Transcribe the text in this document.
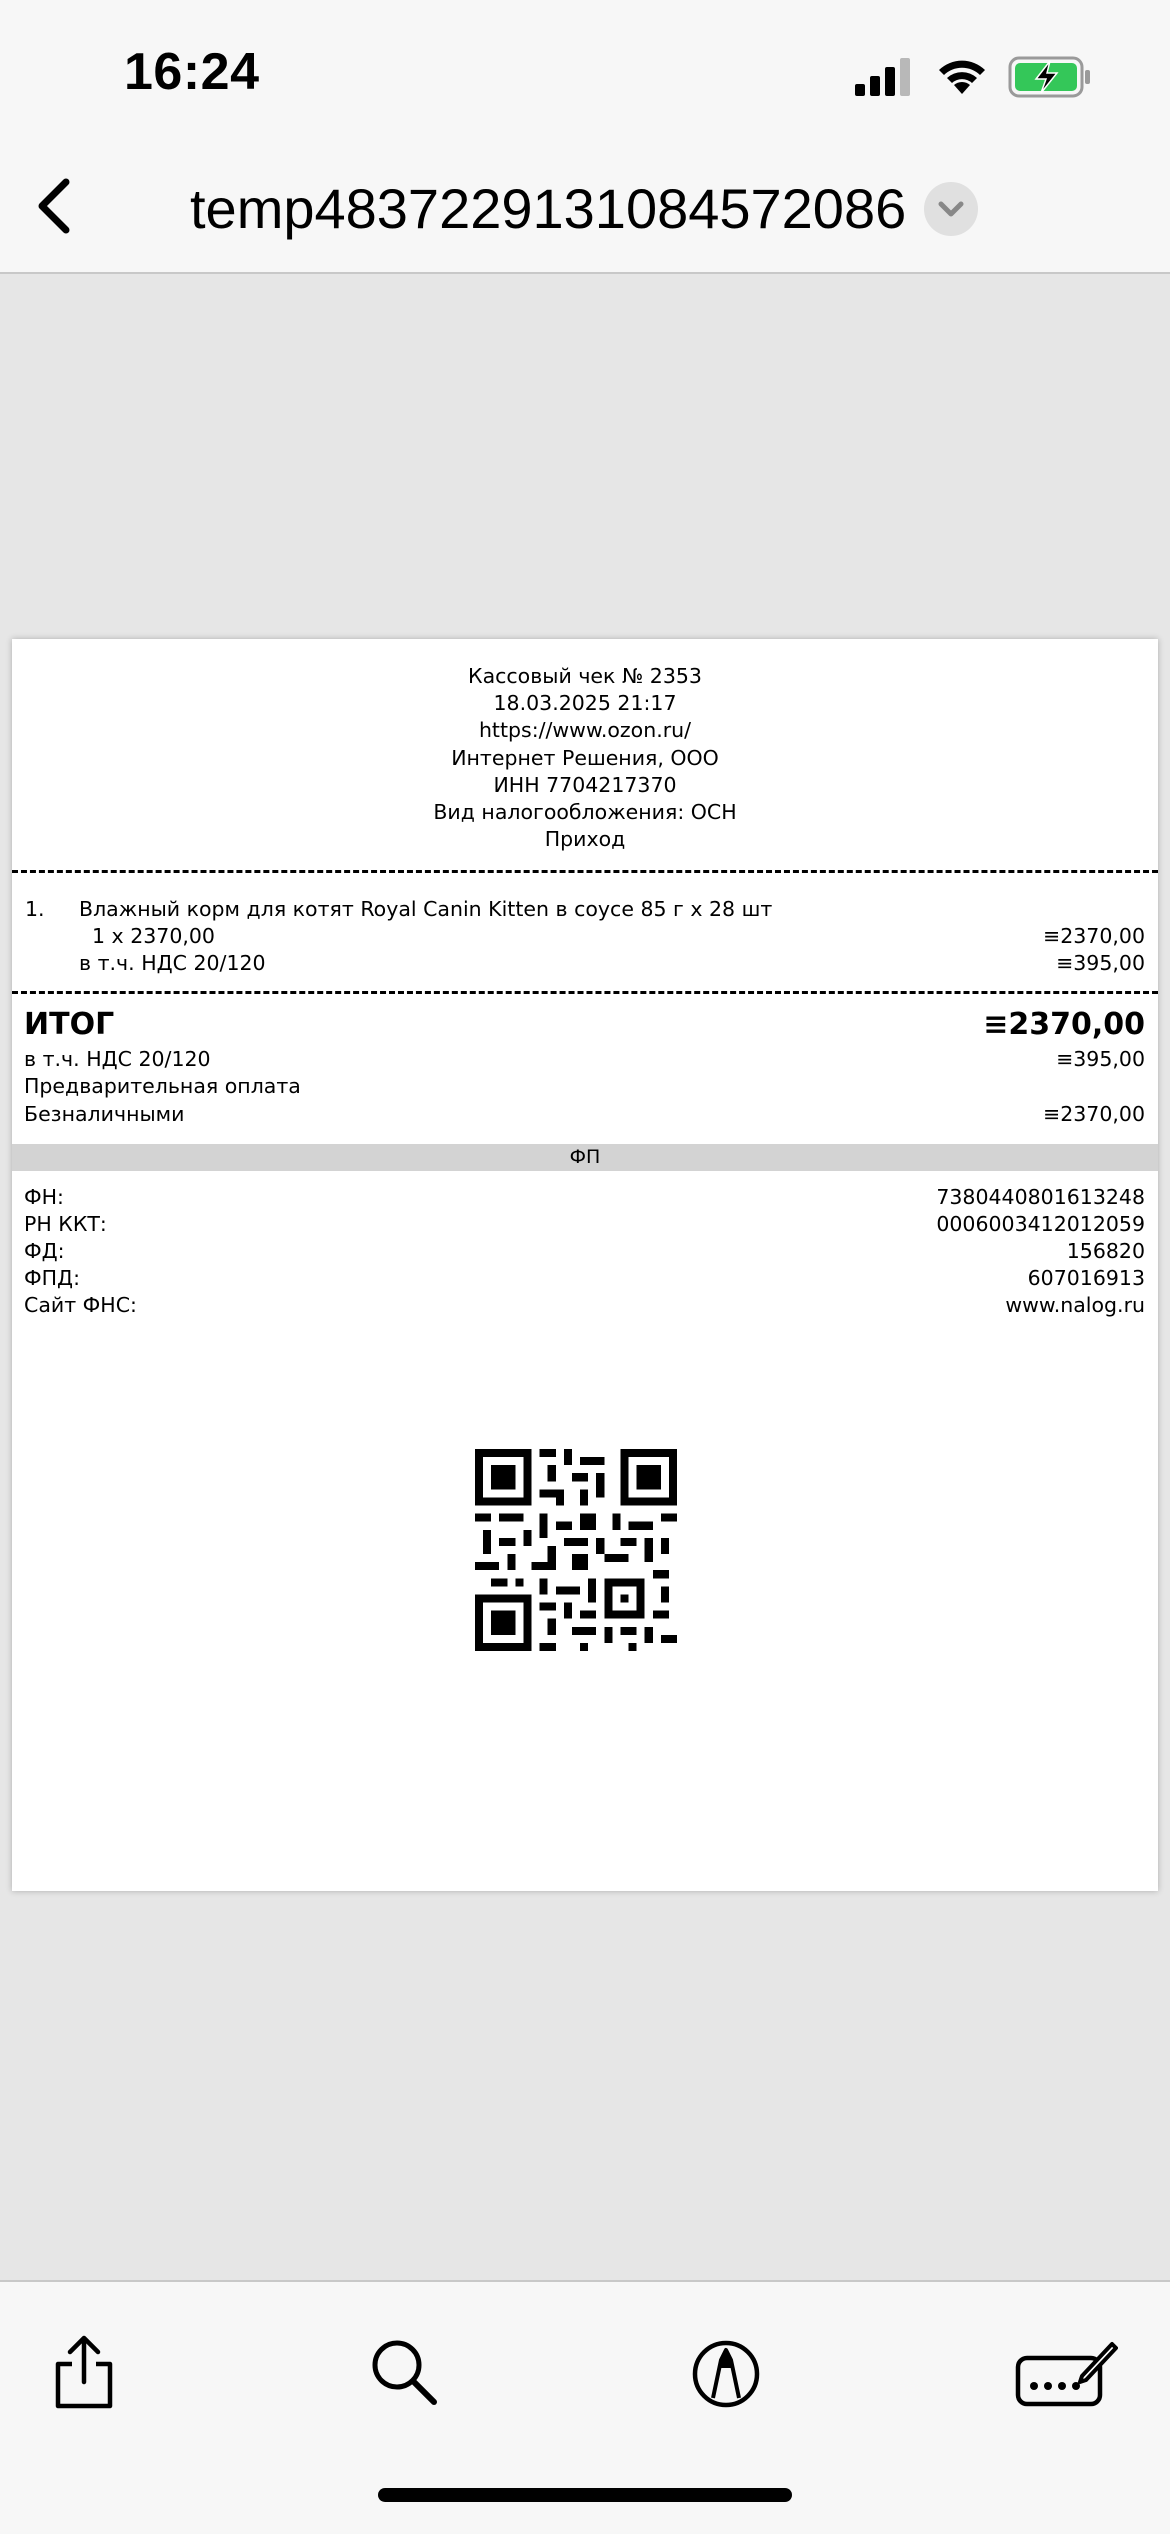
16:24
temp4837229131084572086
Кассовый чек № 2353
18.03.2025 21:17
https://www.ozon.ru/
Интернет Решения, ООО
ИНН 7704217370
Вид налогообложения: ОСН
Приход
1. Влажный корм для котят Royal Canin Kitten в соусе 85 г x 28 шт
1 x 2370,00	≡2370,00
в т.ч. НДС 20/120	≡395,00
ИТОГ	≡2370,00
в т.ч. НДС 20/120	≡395,00
Предварительная оплата
Безналичными	≡2370,00
ФП
ФН:	7380440801613248
РН ККТ:	0006003412012059
ФД:	156820
ФПД:	607016913
Сайт ФНС:	www.nalog.ru
